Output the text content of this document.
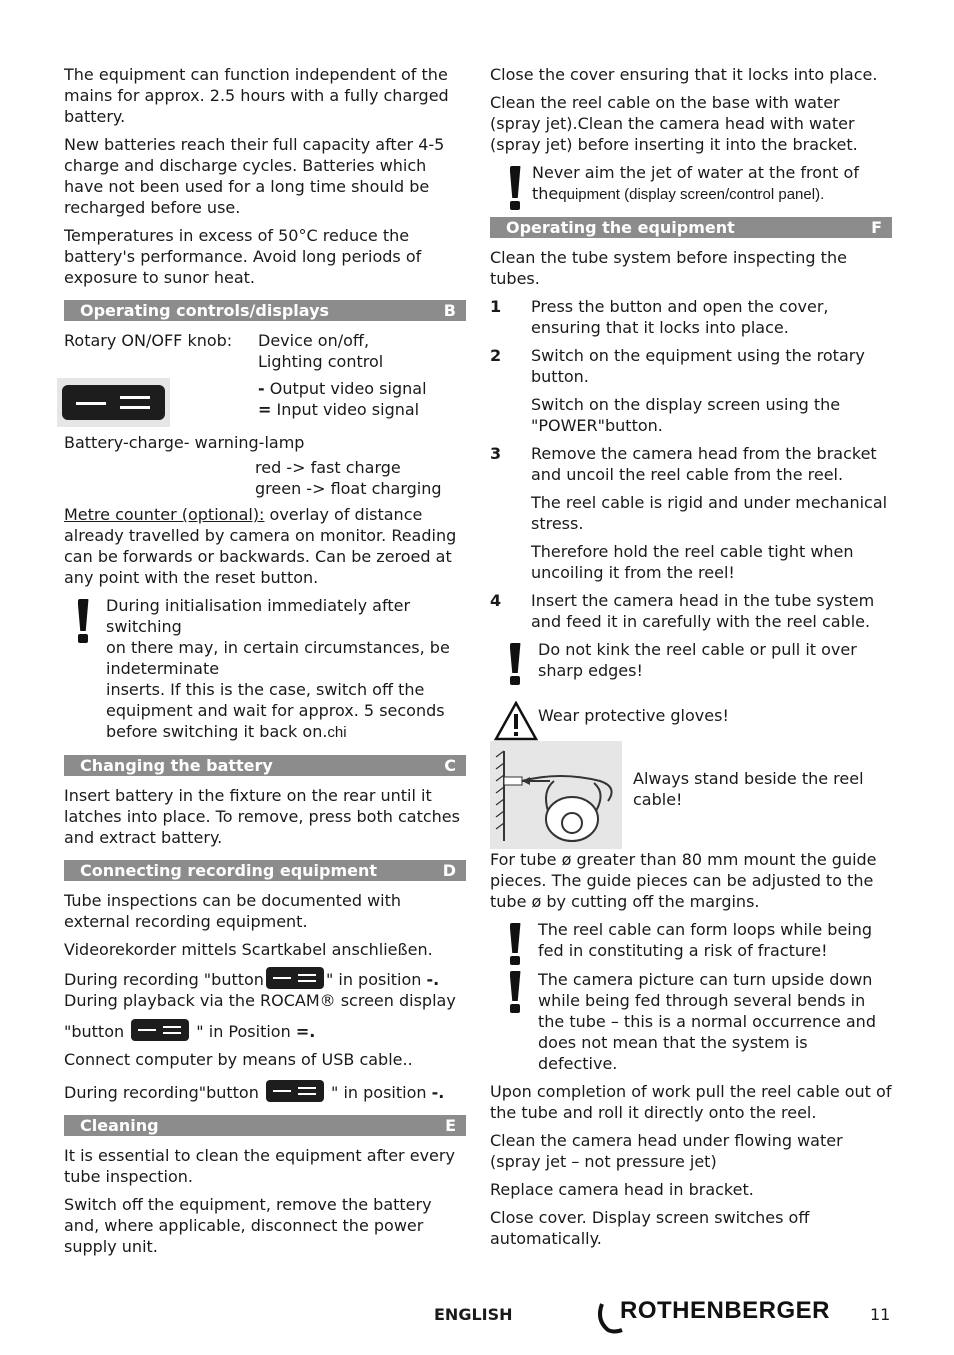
The equipment can function independent of the mains for approx. 2.5 hours with a fully charged battery.

New batteries reach their full capacity after 4-5 charge and discharge cycles. Batteries which have not been used for a long time should be recharged before use.

Temperatures in excess of 50°C reduce the battery's performance. Avoid long periods of exposure to sunor heat.

Operating controls/displays	B
Rotary ON/OFF knob:	Device on/off,
Lighting control
- Output video signal
= Input video signal

Battery-charge- warning-lamp

red -> fast charge
green -> float charging

Metre counter (optional): overlay of distance already travelled by camera on monitor. Reading can be forwards or backwards. Can be zeroed at any point with the reset button.

During initialisation immediately after switching
on there may, in certain circumstances, be indeterminate
inserts. If this is the case, switch off the equipment and wait for approx. 5 seconds before switching it back on.chi
Changing the battery	C

Insert battery in the fixture on the rear until it latches into place. To remove, press both catches and extract battery.

Connecting recording equipment	D

Tube inspections can be documented with external recording equipment.

Videorekorder mittels Scartkabel anschließen.

During recording "button	" in position -.
During playback via the ROCAM® screen display

"button	" in Position =.

Connect computer by means of USB cable..

During recording"button	" in position -.

Cleaning	E

It is essential to clean the equipment after every tube inspection.

Switch off the equipment, remove the battery and, where applicable, disconnect the power supply unit.

Close the cover ensuring that it locks into place.

Clean the reel cable on the base with water (spray jet).Clean the camera head with water (spray jet) before inserting it into the bracket.

Never aim the jet of water at the front of
thequipment (display screen/control panel).
Operating the equipment	F

Clean the tube system before inspecting the tubes.

1	Press the button and open the cover, ensuring that it locks into place.
2	Switch on the equipment using the rotary button.

Switch on the display screen using the "POWER"button.

3	Remove the camera head from the bracket and uncoil the reel cable from the reel.

The reel cable is rigid and under mechanical stress.

Therefore hold the reel cable tight when uncoiling it from the reel!

4	Insert the camera head in the tube system and feed it in carefully with the reel cable.
Do not kink the reel cable or pull it over sharp edges!
Wear protective gloves!
Always stand beside the reel cable!

For tube ø greater than 80 mm mount the guide pieces. The guide pieces can be adjusted to the tube ø by cutting off the margins.

The reel cable can form loops while being fed in constituting a risk of fracture!
The camera picture can turn upside down while being fed through several bends in the tube – this is a normal occurrence and does not mean that the system is defective.

Upon completion of work pull the reel cable out of the tube and roll it directly onto the reel.

Clean the camera head under flowing water (spray jet – not pressure jet)

Replace camera head in bracket.

Close cover. Display screen switches off automatically.

ENGLISH	ROTHENBERGER 11
